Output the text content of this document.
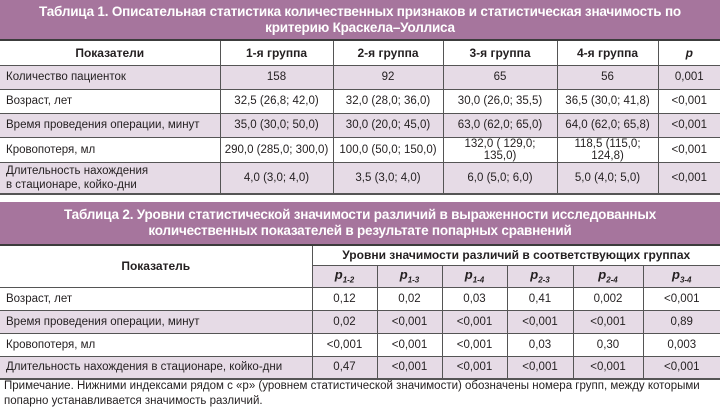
Таблица 1. Описательная статистика количественных признаков и статистическая значимость по
критерию Краскела–Уоллиса
Показатели	1-я группа	2-я группа	3-я группа	4-я группа	p
Количество пациенток	158	92	65	56	0,001
Возраст, лет	32,5 (26,8; 42,0)	32,0 (28,0; 36,0)	30,0 (26,0; 35,5)	36,5 (30,0; 41,8)	<0,001
Время проведения операции, минут	35,0 (30,0; 50,0)	30,0 (20,0; 45,0)	63,0 (62,0; 65,0)	64,0 (62,0; 65,8)	<0,001
Кровопотеря, мл	290,0 (285,0; 300,0)	100,0 (50,0; 150,0)	132,0 ( 129,0; 135,0)	118,5 (115,0; 124,8)	<0,001

Длительность нахождения
в стационаре, койко-дни	4,0 (3,0; 4,0)	3,5 (3,0; 4,0)	6,0 (5,0; 6,0)	5,0 (4,0; 5,0)	<0,001
Таблица 2. Уровни статистической значимости различий в выраженности исследованных
количественных показателей в результате попарных сравнений
Показатель	Уровни значимости различий в соответствующих группах					
	$p_{1-2}$	$p_{1-3}$	$p_{1-4}$	$p_{2-3}$	$p_{2-4}$	$p_{3-4}$
Возраст, лет	0,12	0,02	0,03	0,41	0,002	<0,001
Время проведения операции, минут	0,02	<0,001	<0,001	<0,001	<0,001	0,89
Кровопотеря, мл	<0,001	<0,001	<0,001	0,03	0,30	0,003
Длительность нахождения в стационаре, койко-дни	0,47	<0,001	<0,001	<0,001	<0,001	<0,001
Примечание. Нижними индексами рядом с «p» (уровнем статистической значимости) обозначены номера групп, между которыми
попарно устанавливается значимость различий.
